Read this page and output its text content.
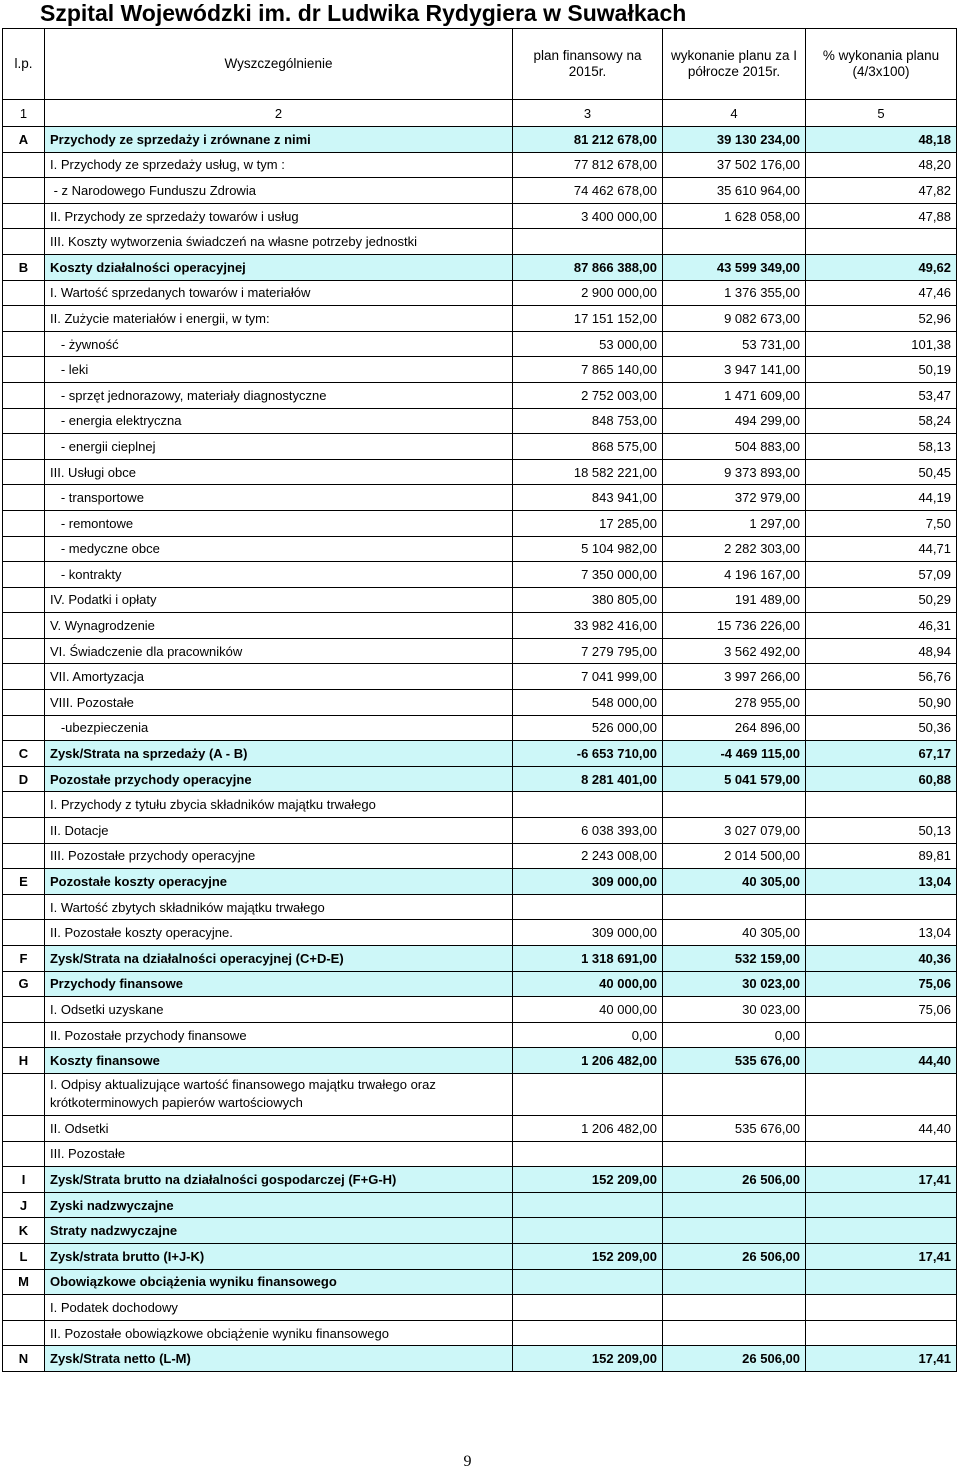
Szpital Wojewódzki im. dr Ludwika Rydygiera w Suwałkach
l.p.	Wyszczególnienie	plan finansowy na 2015r.	wykonanie planu za I półrocze 2015r.	% wykonania planu (4/3x100)
1	2	3	4	5
A	Przychody ze sprzedaży i zrównane z nimi	81 212 678,00	39 130 234,00	48,18
	I. Przychody ze sprzedaży usług, w tym :	77 812 678,00	37 502 176,00	48,20
	- z Narodowego Funduszu Zdrowia	74 462 678,00	35 610 964,00	47,82
	II. Przychody ze sprzedaży towarów i usług	3 400 000,00	1 628 058,00	47,88
	III. Koszty wytworzenia świadczeń na własne potrzeby jednostki			
B	Koszty działalności operacyjnej	87 866 388,00	43 599 349,00	49,62
	I. Wartość sprzedanych towarów i materiałów	2 900 000,00	1 376 355,00	47,46
	II. Zużycie materiałów i energii, w tym:	17 151 152,00	9 082 673,00	52,96
	- żywność	53 000,00	53 731,00	101,38
	- leki	7 865 140,00	3 947 141,00	50,19
	- sprzęt jednorazowy, materiały diagnostyczne	2 752 003,00	1 471 609,00	53,47
	- energia elektryczna	848 753,00	494 299,00	58,24
	- energii cieplnej	868 575,00	504 883,00	58,13
	III. Usługi obce	18 582 221,00	9 373 893,00	50,45
	- transportowe	843 941,00	372 979,00	44,19
	- remontowe	17 285,00	1 297,00	7,50
	- medyczne obce	5 104 982,00	2 282 303,00	44,71
	- kontrakty	7 350 000,00	4 196 167,00	57,09
	IV. Podatki i opłaty	380 805,00	191 489,00	50,29
	V. Wynagrodzenie	33 982 416,00	15 736 226,00	46,31
	VI. Świadczenie dla pracowników	7 279 795,00	3 562 492,00	48,94
	VII. Amortyzacja	7 041 999,00	3 997 266,00	56,76
	VIII. Pozostałe	548 000,00	278 955,00	50,90
	-ubezpieczenia	526 000,00	264 896,00	50,36
C	Zysk/Strata na sprzedaży (A - B)	-6 653 710,00	-4 469 115,00	67,17
D	Pozostałe przychody operacyjne	8 281 401,00	5 041 579,00	60,88
	I. Przychody z tytułu zbycia składników majątku trwałego			
	II. Dotacje	6 038 393,00	3 027 079,00	50,13
	III. Pozostałe przychody operacyjne	2 243 008,00	2 014 500,00	89,81
E	Pozostałe koszty operacyjne	309 000,00	40 305,00	13,04
	I. Wartość zbytych składników majątku trwałego			
	II. Pozostałe koszty operacyjne.	309 000,00	40 305,00	13,04
F	Zysk/Strata na działalności operacyjnej (C+D-E)	1 318 691,00	532 159,00	40,36
G	Przychody finansowe	40 000,00	30 023,00	75,06
	I. Odsetki uzyskane	40 000,00	30 023,00	75,06
	II. Pozostałe przychody finansowe	0,00	0,00	
H	Koszty finansowe	1 206 482,00	535 676,00	44,40
	I. Odpisy aktualizujące wartość finansowego majątku trwałego oraz krótkoterminowych papierów wartościowych			
	II. Odsetki	1 206 482,00	535 676,00	44,40
	III. Pozostałe			
I	Zysk/Strata brutto na działalności gospodarczej (F+G-H)	152 209,00	26 506,00	17,41
J	Zyski nadzwyczajne			
K	Straty nadzwyczajne			
L	Zysk/strata brutto (I+J-K)	152 209,00	26 506,00	17,41
M	Obowiązkowe obciążenia wyniku finansowego			
	I. Podatek dochodowy			
	II. Pozostałe obowiązkowe obciążenie wyniku finansowego			
N	Zysk/Strata netto (L-M)	152 209,00	26 506,00	17,41
9
